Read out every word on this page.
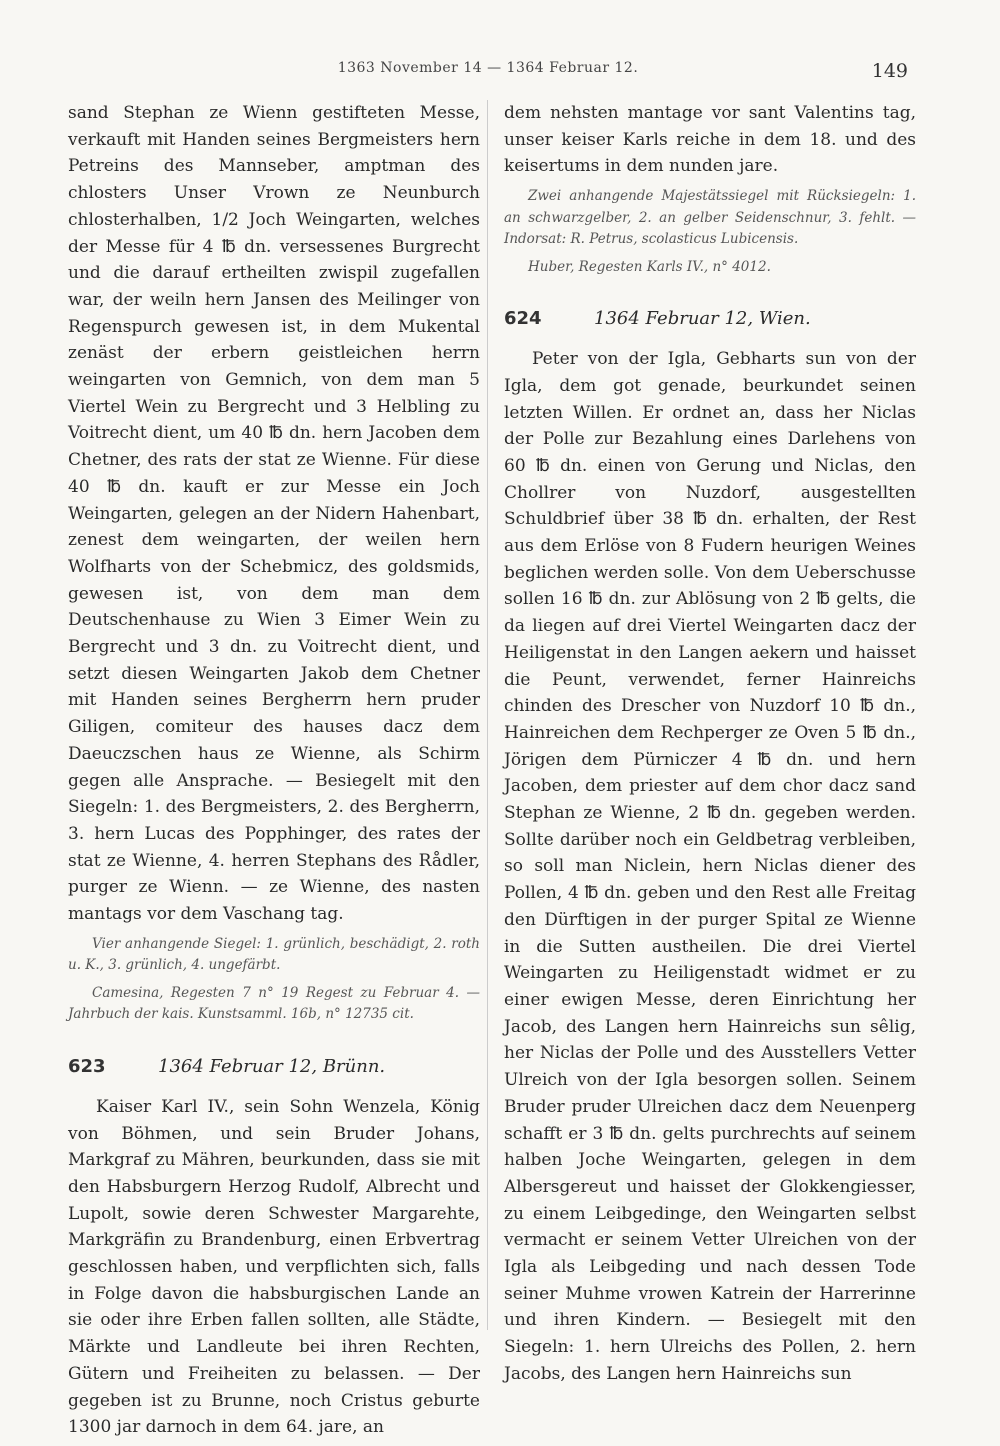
1363 November 14 — 1364 Februar 12.	149

sand Stephan ze Wienn gestifteten Messe, verkauft mit Handen seines Bergmeisters hern Petreins des Mannseber, amptman des chlosters Unser Vrown ze Neunburch chlosterhalben, 1/2 Joch Weingarten, welches der Messe für 4 ℔ dn. versessenes Burgrecht und die darauf ertheilten zwispil zugefallen war, der weiln hern Jansen des Meilinger von Regenspurch gewesen ist, in dem Mukental zenäst der erbern geistleichen herrn weingarten von Gemnich, von dem man 5 Viertel Wein zu Bergrecht und 3 Helbling zu Voitrecht dient, um 40 ℔ dn. hern Jacoben dem Chetner, des rats der stat ze Wienne. Für diese 40 ℔ dn. kauft er zur Messe ein Joch Weingarten, gelegen an der Nidern Hahenbart, zenest dem weingarten, der weilen hern Wolfharts von der Schebmicz, des goldsmids, gewesen ist, von dem man dem Deutschenhause zu Wien 3 Eimer Wein zu Bergrecht und 3 dn. zu Voitrecht dient, und setzt diesen Weingarten Jakob dem Chetner mit Handen seines Bergherrn hern pruder Giligen, comiteur des hauses dacz dem Daeuczschen haus ze Wienne, als Schirm gegen alle Ansprache. — Besiegelt mit den Siegeln: 1. des Bergmeisters, 2. des Bergherrn, 3. hern Lucas des Popphinger, des rates der stat ze Wienne, 4. herren Stephans des Rådler, purger ze Wienn. — ze Wienne, des nasten mantags vor dem Vaschang tag.

Vier anhangende Siegel: 1. grünlich, beschädigt, 2. roth u. K., 3. grünlich, 4. ungefärbt.

Camesina, Regesten 7 n° 19 Regest zu Februar 4. — Jahrbuch der kais. Kunstsamml. 16b, n° 12735 cit.

623	1364 Februar 12, Brünn.

Kaiser Karl IV., sein Sohn Wenzela, König von Böhmen, und sein Bruder Johans, Markgraf zu Mähren, beurkunden, dass sie mit den Habsburgern Herzog Rudolf, Albrecht und Lupolt, sowie deren Schwester Margarehte, Markgräfin zu Brandenburg, einen Erbvertrag geschlossen haben, und verpflichten sich, falls in Folge davon die habsburgischen Lande an sie oder ihre Erben fallen sollten, alle Städte, Märkte und Landleute bei ihren Rechten, Gütern und Freiheiten zu belassen. — Der gegeben ist zu Brunne, noch Cristus geburte 1300 jar darnoch in dem 64. jare, an

dem nehsten mantage vor sant Valentins tag, unser keiser Karls reiche in dem 18. und des keisertums in dem nunden jare.

Zwei anhangende Majestätssiegel mit Rücksiegeln: 1. an schwarzgelber, 2. an gelber Seidenschnur, 3. fehlt. — Indorsat: R. Petrus, scolasticus Lubicensis.

Huber, Regesten Karls IV., n° 4012.

624	1364 Februar 12, Wien.

Peter von der Igla, Gebharts sun von der Igla, dem got genade, beurkundet seinen letzten Willen. Er ordnet an, dass her Niclas der Polle zur Bezahlung eines Darlehens von 60 ℔ dn. einen von Gerung und Niclas, den Chollrer von Nuzdorf, ausgestellten Schuldbrief über 38 ℔ dn. erhalten, der Rest aus dem Erlöse von 8 Fudern heurigen Weines beglichen werden solle. Von dem Ueberschusse sollen 16 ℔ dn. zur Ablösung von 2 ℔ gelts, die da liegen auf drei Viertel Weingarten dacz der Heiligenstat in den Langen aekern und haisset die Peunt, verwendet, ferner Hainreichs chinden des Drescher von Nuzdorf 10 ℔ dn., Hainreichen dem Rechperger ze Oven 5 ℔ dn., Jörigen dem Pürniczer 4 ℔ dn. und hern Jacoben, dem priester auf dem chor dacz sand Stephan ze Wienne, 2 ℔ dn. gegeben werden. Sollte darüber noch ein Geldbetrag verbleiben, so soll man Niclein, hern Niclas diener des Pollen, 4 ℔ dn. geben und den Rest alle Freitag den Dürftigen in der purger Spital ze Wienne in die Sutten austheilen. Die drei Viertel Weingarten zu Heiligenstadt widmet er zu einer ewigen Messe, deren Einrichtung her Jacob, des Langen hern Hainreichs sun sêlig, her Niclas der Polle und des Ausstellers Vetter Ulreich von der Igla besorgen sollen. Seinem Bruder pruder Ulreichen dacz dem Neuenperg schafft er 3 ℔ dn. gelts purchrechts auf seinem halben Joche Weingarten, gelegen in dem Albersgereut und haisset der Glokkengiesser, zu einem Leibgedinge, den Weingarten selbst vermacht er seinem Vetter Ulreichen von der Igla als Leibgeding und nach dessen Tode seiner Muhme vrowen Katrein der Harrerinne und ihren Kindern. — Besiegelt mit den Siegeln: 1. hern Ulreichs des Pollen, 2. hern Jacobs, des Langen hern Hainreichs sun
